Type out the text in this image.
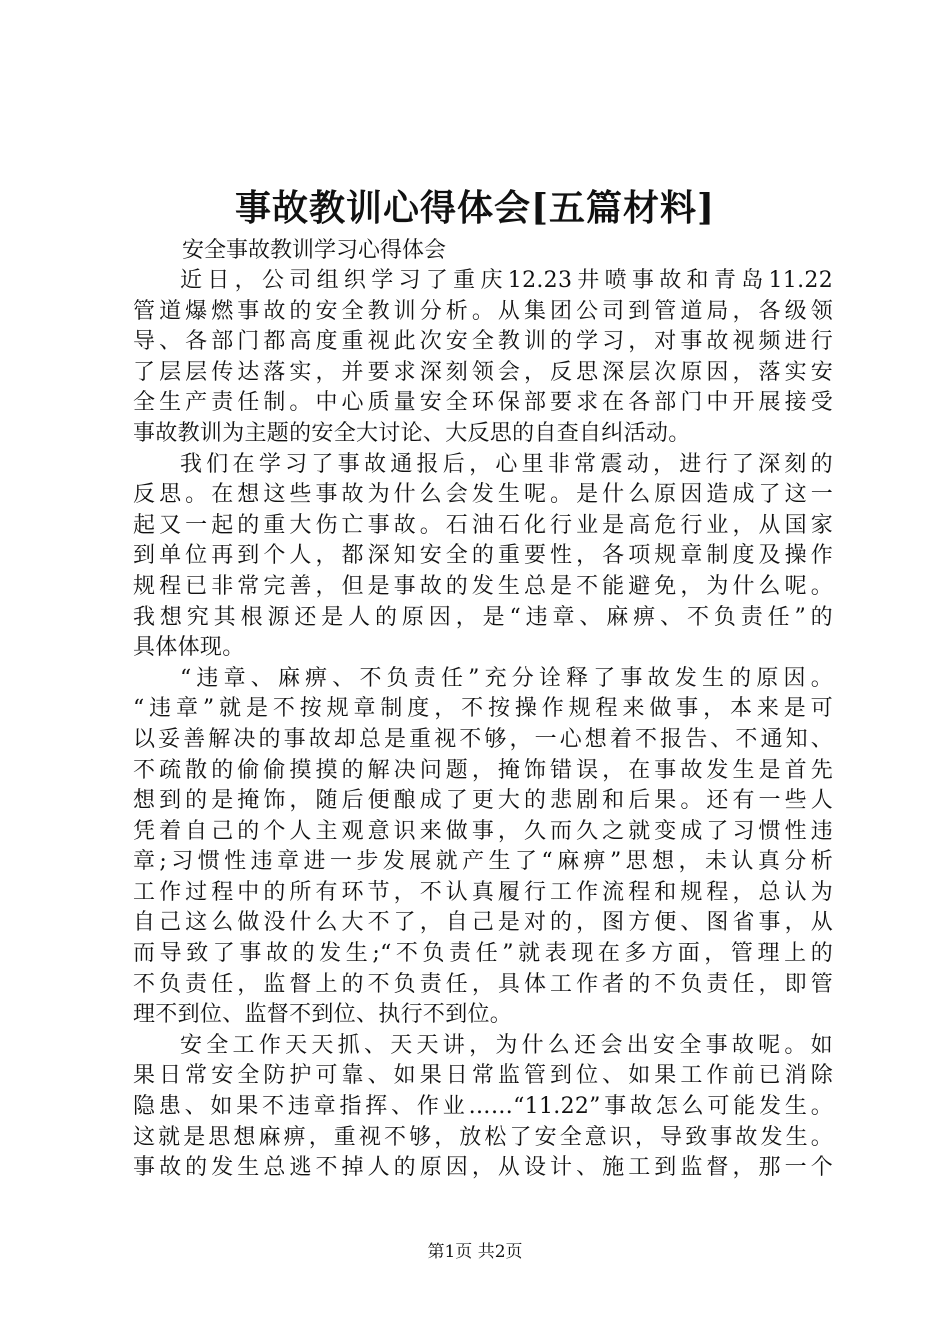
事故教训心得体会[五篇材料]

安全事故教训学习心得体会

近日，公司组织学习了重庆12.23井喷事故和青岛11.22
管道爆燃事故的安全教训分析。从集团公司到管道局，各级领
导、各部门都高度重视此次安全教训的学习，对事故视频进行
了层层传达落实，并要求深刻领会，反思深层次原因，落实安
全生产责任制。中心质量安全环保部要求在各部门中开展接受
事故教训为主题的安全大讨论、大反思的自查自纠活动。
我们在学习了事故通报后，心里非常震动，进行了深刻的
反思。在想这些事故为什么会发生呢。是什么原因造成了这一
起又一起的重大伤亡事故。石油石化行业是高危行业，从国家
到单位再到个人，都深知安全的重要性，各项规章制度及操作
规程已非常完善，但是事故的发生总是不能避免，为什么呢。
我想究其根源还是人的原因，是“违章、麻痹、不负责任”的
具体体现。
“违章、麻痹、不负责任”充分诠释了事故发生的原因。
“违章”就是不按规章制度，不按操作规程来做事，本来是可
以妥善解决的事故却总是重视不够，一心想着不报告、不通知、
不疏散的偷偷摸摸的解决问题，掩饰错误，在事故发生是首先
想到的是掩饰，随后便酿成了更大的悲剧和后果。还有一些人
凭着自己的个人主观意识来做事，久而久之就变成了习惯性违
章;习惯性违章进一步发展就产生了“麻痹”思想，未认真分析
工作过程中的所有环节，不认真履行工作流程和规程，总认为
自己这么做没什么大不了，自己是对的，图方便、图省事，从
而导致了事故的发生;“不负责任”就表现在多方面，管理上的
不负责任，监督上的不负责任，具体工作者的不负责任，即管
理不到位、监督不到位、执行不到位。
安全工作天天抓、天天讲，为什么还会出安全事故呢。如
果日常安全防护可靠、如果日常监管到位、如果工作前已消除
隐患、如果不违章指挥、作业……“11.22”事故怎么可能发生。
这就是思想麻痹，重视不够，放松了安全意识，导致事故发生。
事故的发生总逃不掉人的原因，从设计、施工到监督，那一个

第1页 共2页
